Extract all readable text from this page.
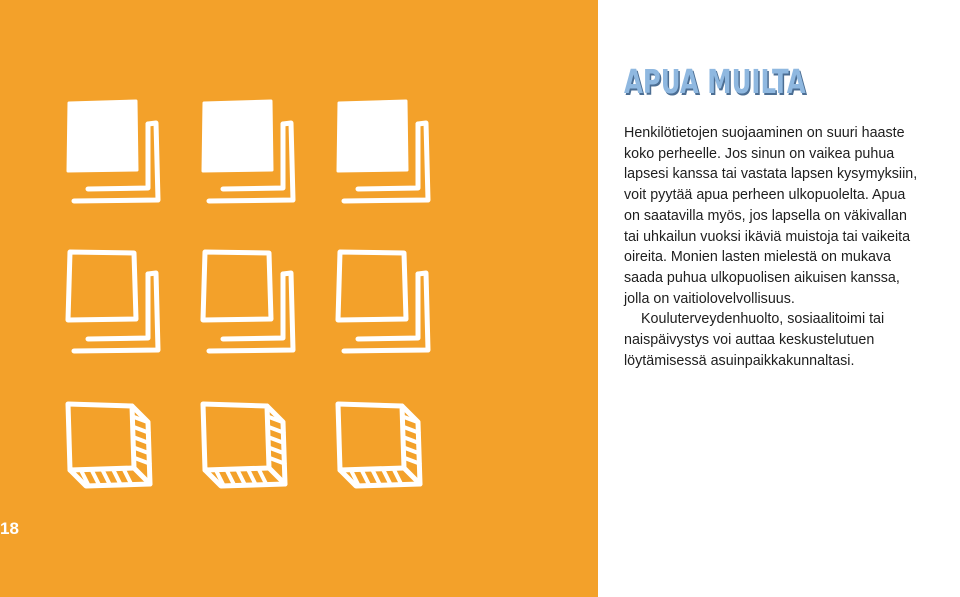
18
APUA MUILTA

Henkilötietojen suojaaminen on suuri haaste
koko perheelle. Jos sinun on vaikea puhua
lapsesi kanssa tai vastata lapsen kysymyksiin,
voit pyytää apua perheen ulkopuolelta. Apua
on saatavilla myös, jos lapsella on väkivallan
tai uhkailun vuoksi ikäviä muistoja tai vaikeita
oireita. Monien lasten mielestä on mukava
saada puhua ulkopuolisen aikuisen kanssa,
jolla on vaitiolovelvollisuus.

Kouluterveydenhuolto, sosiaalitoimi tai
naispäivystys voi auttaa keskustelutuen
löytämisessä asuinpaikkakunnaltasi.
